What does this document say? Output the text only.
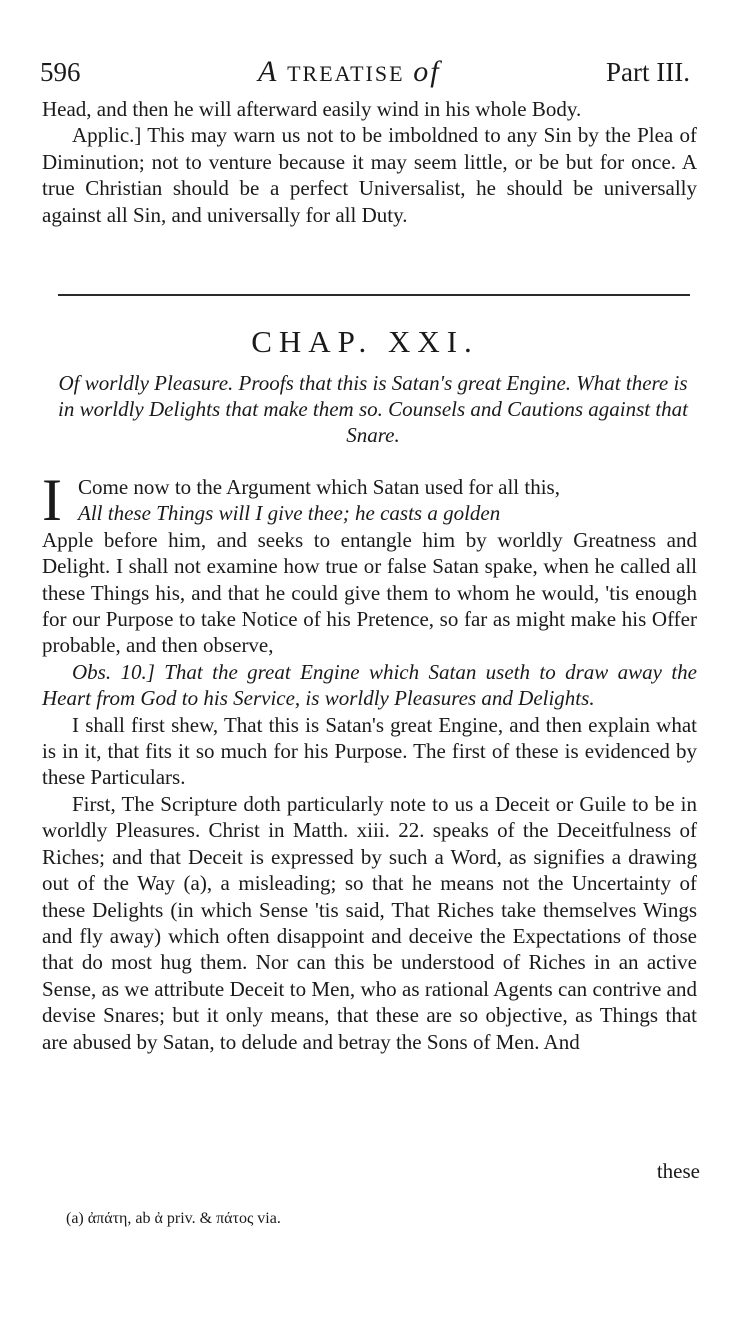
596	A TREATISE of	Part III.

Head, and then he will afterward easily wind in his whole Body.

Applic.] This may warn us not to be imboldned to any Sin by the Plea of Diminution; not to venture because it may seem little, or be but for once. A true Christian should be a perfect Universalist, he should be universally against all Sin, and universally for all Duty.

CHAP. XXI.
Of worldly Pleasure. Proofs that this is Satan's great Engine. What there is in worldly Delights that make them so. Counsels and Cautions against that Snare.
I Come now to the Argument which Satan used for all this,

All these Things will I give thee; he casts a golden

Apple before him, and seeks to entangle him by worldly Greatness and Delight. I shall not examine how true or false Satan spake, when he called all these Things his, and that he could give them to whom he would, 'tis enough for our Purpose to take Notice of his Pretence, so far as might make his Offer probable, and then observe,

Obs. 10.] That the great Engine which Satan useth to draw away the Heart from God to his Service, is worldly Pleasures and Delights.

I shall first shew, That this is Satan's great Engine, and then explain what is in it, that fits it so much for his Purpose. The first of these is evidenced by these Particulars.

First, The Scripture doth particularly note to us a Deceit or Guile to be in worldly Pleasures. Christ in Matth. xiii. 22. speaks of the Deceitfulness of Riches; and that Deceit is expressed by such a Word, as signifies a drawing out of the Way (a), a misleading; so that he means not the Uncertainty of these Delights (in which Sense 'tis said, That Riches take themselves Wings and fly away) which often disappoint and deceive the Expectations of those that do most hug them. Nor can this be understood of Riches in an active Sense, as we attribute Deceit to Men, who as rational Agents can contrive and devise Snares; but it only means, that these are so objective, as Things that are abused by Satan, to delude and betray the Sons of Men. And

these
(a) ἀπάτη, ab ἀ priv. & πάτος via.
